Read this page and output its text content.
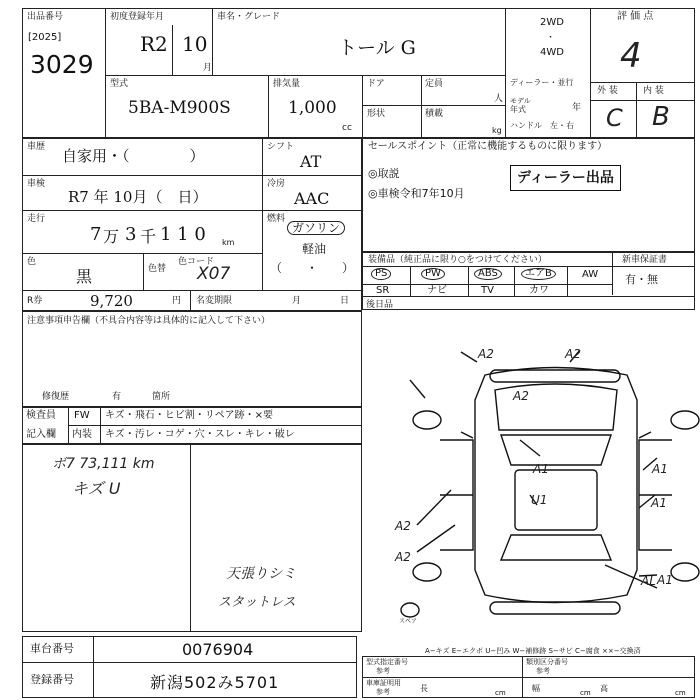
出品番号
[2025]
3029
初度登録年月
R2 10
月
車名・グレード
トール G
2WD
・
4WD
評 価 点
4
型式
5BA-M900S
排気量
1,000
cc
ドア	定員
人
形状	積載
kg
ディーラー・並行
モデル
年式	年
ハンドル 左・右
外 装	内 装
C B
車歴 自家用・（　　　　）	シフト
AT
車検
R7 年 10月（　日）
冷房
AAC
走行
7 万 3 千 1 1 0 km
燃料
ガソリン
軽油
（　　・　　）
色
黒	色替
色コード
X07
R券	9,720	円 名変期限	月	日
セールスポイント（正常に機能するものに限ります）
◎取説
◎車検令和7年10月
ディーラー出品
装備品（純正品に限り○をつけてください）	新車保証書
有・無
PS	PW	ABS	エアB	AW
SR	ナビ	TV	カワ
後日品
注意事項申告欄（不具合内容等は具体的に記入して下さい）
修復歴	有	箇所
検査員
記入欄
FW キズ・飛石・ヒビ割・リペア跡・×要
内装 キズ・汚レ・コゲ・穴・スレ・キレ・破レ
ボ7 73,111 km
キズ U
天張りシミ
スタットレス
A2	A2
A2
A1	A1
U1
A2
A1
A2
A1
AL
A−キズ E−エクボ U−凹み W−補修跡 S−サビ C−腐食 ××−交換済
スペア
車台番号	0076904
登録番号	新潟502み5701
型式指定番号
参考
類別区分番号
参考
車庫証明用
参考	長	cm	幅	cm 高	cm
